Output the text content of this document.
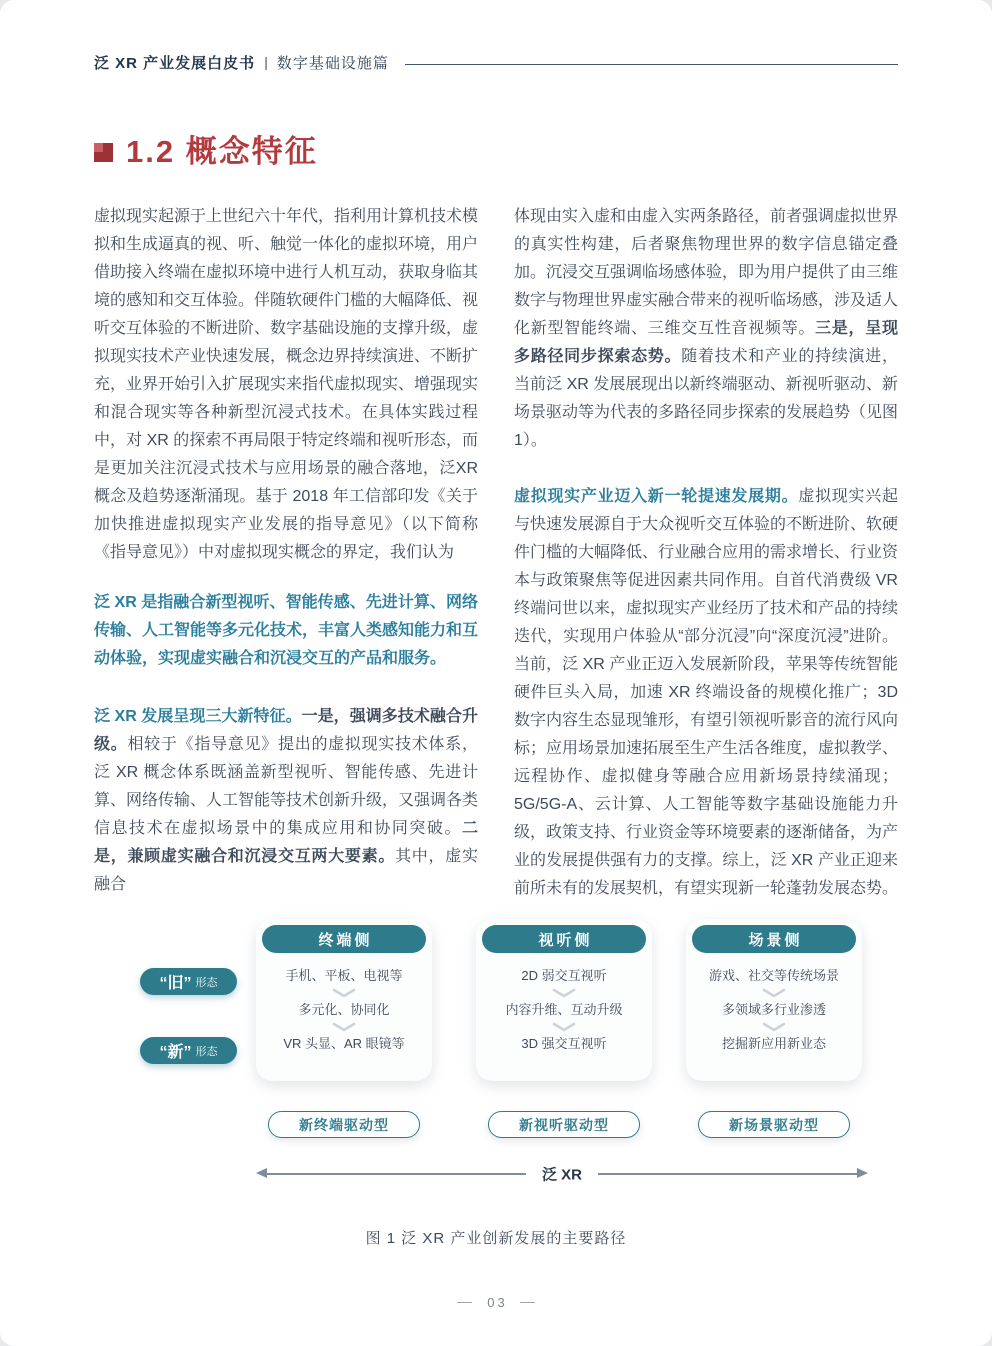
泛 XR 产业发展白皮书 | 数字基础设施篇
1.2 概念特征

虚拟现实起源于上世纪六十年代，指利用计算机技术模拟和生成逼真的视、听、触觉一体化的虚拟环境，用户借助接入终端在虚拟环境中进行人机互动，获取身临其境的感知和交互体验。伴随软硬件门槛的大幅降低、视听交互体验的不断进阶、数字基础设施的支撑升级，虚拟现实技术产业快速发展，概念边界持续演进、不断扩充，业界开始引入扩展现实来指代虚拟现实、增强现实和混合现实等各种新型沉浸式技术。在具体实践过程中，对 XR 的探索不再局限于特定终端和视听形态，而是更加关注沉浸式技术与应用场景的融合落地，泛XR概念及趋势逐渐涌现。基于 2018 年工信部印发《关于加快推进虚拟现实产业发展的指导意见》（以下简称《指导意见》）中对虚拟现实概念的界定，我们认为

泛 XR 是指融合新型视听、智能传感、先进计算、网络传输、人工智能等多元化技术，丰富人类感知能力和互动体验，实现虚实融合和沉浸交互的产品和服务。

泛 XR 发展呈现三大新特征。一是，强调多技术融合升级。相较于《指导意见》提出的虚拟现实技术体系，泛 XR 概念体系既涵盖新型视听、智能传感、先进计算、网络传输、人工智能等技术创新升级，又强调各类信息技术在虚拟场景中的集成应用和协同突破。二是，兼顾虚实融合和沉浸交互两大要素。其中，虚实融合

体现由实入虚和由虚入实两条路径，前者强调虚拟世界的真实性构建，后者聚焦物理世界的数字信息锚定叠加。沉浸交互强调临场感体验，即为用户提供了由三维数字与物理世界虚实融合带来的视听临场感，涉及适人化新型智能终端、三维交互性音视频等。三是，呈现多路径同步探索态势。随着技术和产业的持续演进，当前泛 XR 发展展现出以新终端驱动、新视听驱动、新场景驱动等为代表的多路径同步探索的发展趋势（见图 1）。

虚拟现实产业迈入新一轮提速发展期。虚拟现实兴起与快速发展源自于大众视听交互体验的不断进阶、软硬件门槛的大幅降低、行业融合应用的需求增长、行业资本与政策聚焦等促进因素共同作用。自首代消费级 VR 终端问世以来，虚拟现实产业经历了技术和产品的持续迭代，实现用户体验从“部分沉浸”向“深度沉浸”进阶。当前，泛 XR 产业正迈入发展新阶段，苹果等传统智能硬件巨头入局，加速 XR 终端设备的规模化推广；3D 数字内容生态显现雏形，有望引领视听影音的流行风向标；应用场景加速拓展至生产生活各维度，虚拟教学、远程协作、虚拟健身等融合应用新场景持续涌现；5G/5G-A、云计算、人工智能等数字基础设施能力升级，政策支持、行业资金等环境要素的逐渐储备，为产业的发展提供强有力的支撑。综上，泛 XR 产业正迎来前所未有的发展契机，有望实现新一轮蓬勃发展态势。

“旧” 形态
“新” 形态
终端侧
手机、平板、电视等
多元化、协同化
VR 头显、AR 眼镜等
视听侧
2D 弱交互视听
内容升维、互动升级
3D 强交互视听
场景侧
游戏、社交等传统场景
多领域多行业渗透
挖掘新应用新业态
新终端驱动型	新视听驱动型	新场景驱动型
泛 XR
图 1 泛 XR 产业创新发展的主要路径
03
